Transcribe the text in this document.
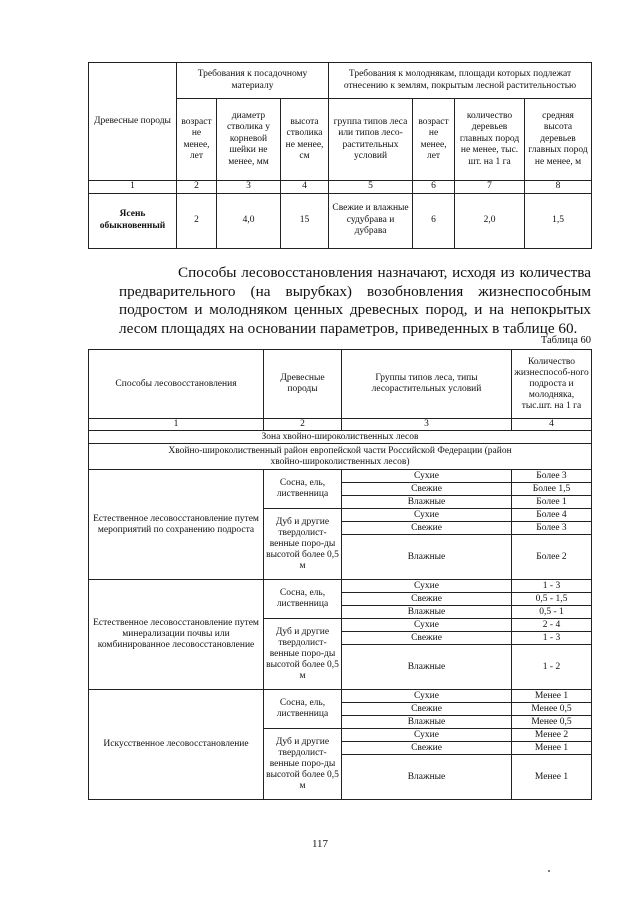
Древесные породы	Требования к посадочному материалу			Требования к молоднякам, площади которых подлежат отнесению к землям, покрытым лесной растительностью			
	возраст не менее, лет	диаметр стволика у корневой шейки не менее, мм	высота стволика не менее, см	группа типов леса или типов лесо-растительных условий	возраст не менее, лет	количество деревьев главных пород не менее, тыс. шт. на 1 га	средняя высота деревьев главных пород не менее, м
1	2	3	4	5	6	7	8
Ясень обыкновенный	2	4,0	15	Свежие и влажные судубрава и дубрава	6	2,0	1,5
Способы лесовосстановления назначают, исходя из количества
предварительного (на вырубках) возобновления жизнеспособным подростом и молодняком ценных древесных пород, и на непокрытых лесом площадях на основании параметров, приведенных в таблице 60.
Таблица 60
Способы лесовосстановления	Древесные породы	Группы типов леса, типы лесорастительных условий	Количество жизнеспособ-ного подроста и молодняка, тыс.шт. на 1 га
1	2	3	4
Зона хвойно-широколиственных лесов			
Хвойно-широколиственный район европейской части Российской Федерации (район хвойно-широколиственных лесов)			
Естественное лесовосстановление путем мероприятий по сохранению подроста	Сосна, ель, лиственница	Сухие	Более 3
		Свежие	Более 1,5
		Влажные	Более 1
	Дуб и другие твердолист-венные поро-ды высотой более 0,5 м	Сухие	Более 4
		Свежие	Более 3
		Влажные	Более 2
Естественное лесовосстановление путем минерализации почвы или комбинированное лесовосстановление	Сосна, ель, лиственница	Сухие	1 - 3
		Свежие	0,5 - 1,5
		Влажные	0,5 - 1
	Дуб и другие твердолист-венные поро-ды высотой более 0,5 м	Сухие	2 - 4
		Свежие	1 - 3
		Влажные	1 - 2
Искусственное лесовосстановление	Сосна, ель, лиственница	Сухие	Менее 1
		Свежие	Менее 0,5
		Влажные	Менее 0,5
	Дуб и другие твердолист-венные поро-ды высотой более 0,5 м	Сухие	Менее 2
		Свежие	Менее 1
		Влажные	Менее 1
117
